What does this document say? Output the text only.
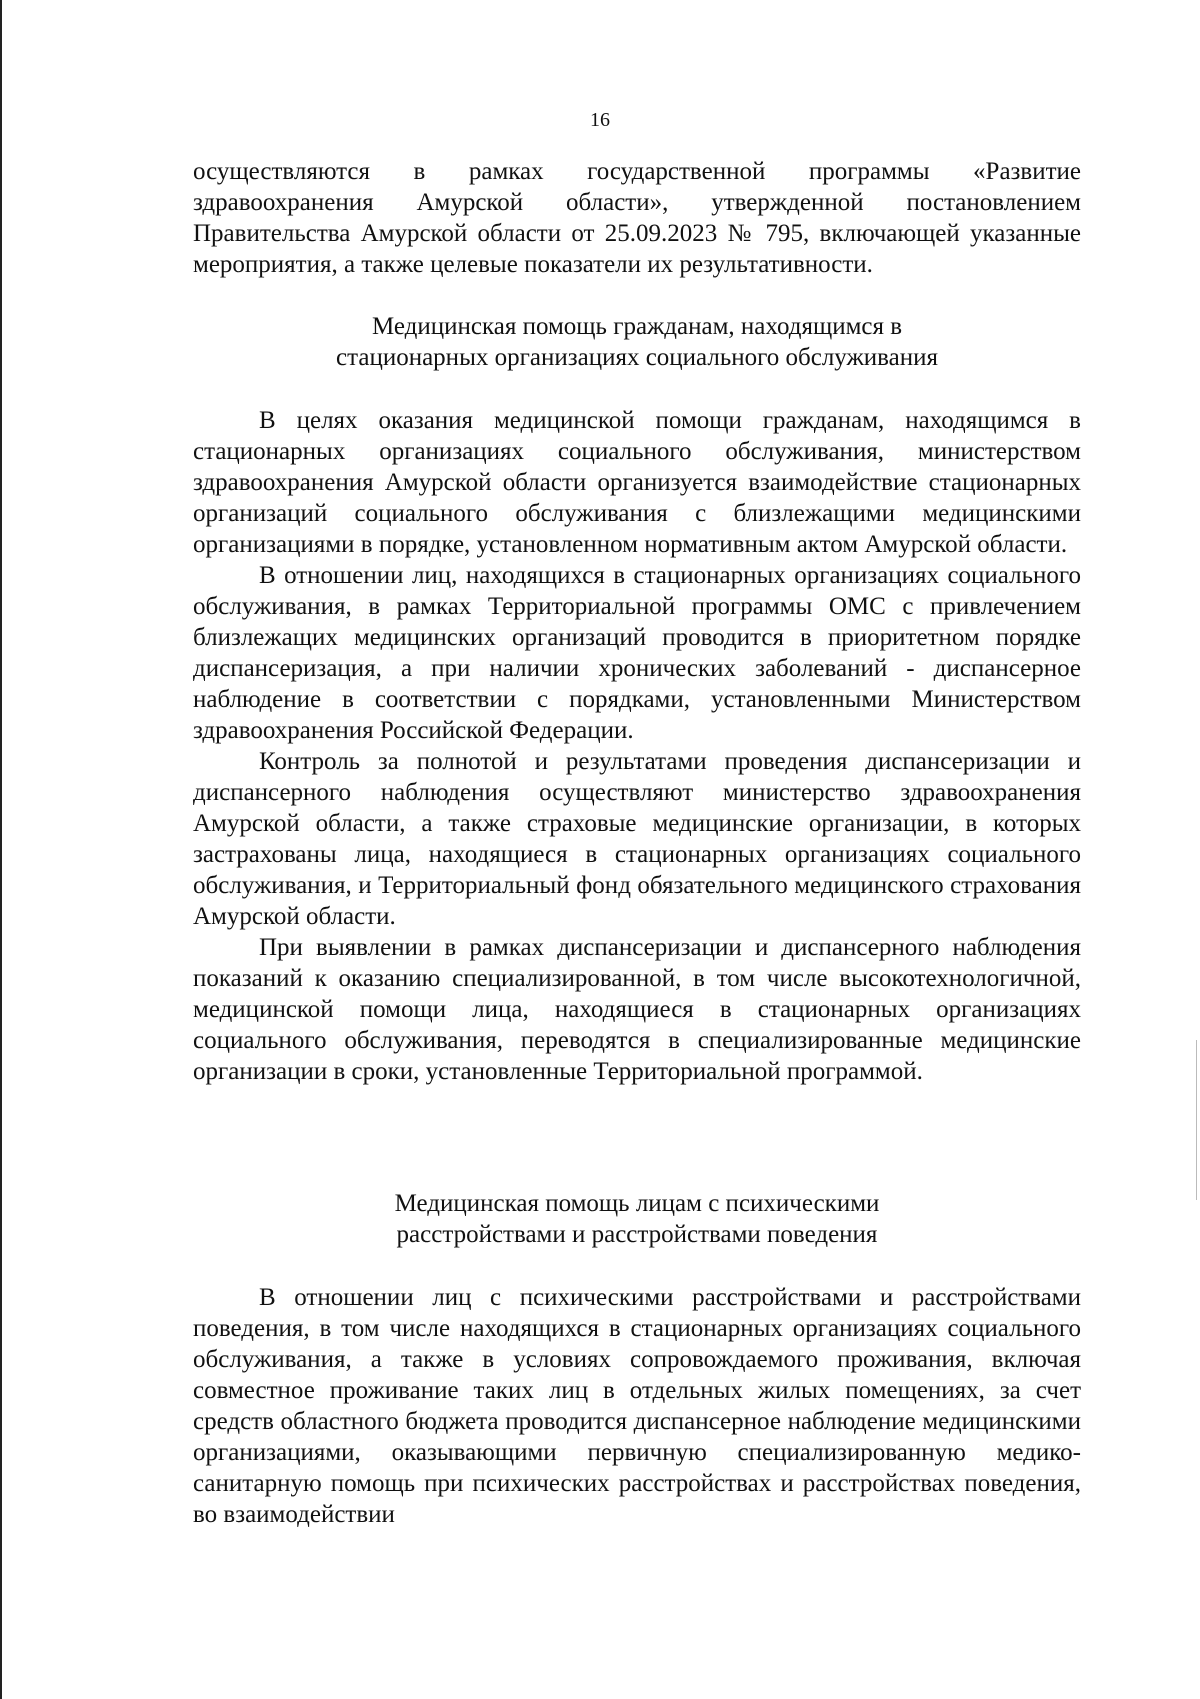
16

осуществляются в рамках государственной программы «Развитие здравоохранения Амурской области», утвержденной постановлением Правительства Амурской области от 25.09.2023 № 795, включающей указанные мероприятия, а также целевые показатели их результативности.

Медицинская помощь гражданам, находящимся в
стационарных организациях социального обслуживания

В целях оказания медицинской помощи гражданам, находящимся в стационарных организациях социального обслуживания, министерством здравоохранения Амурской области организуется взаимодействие стационарных организаций социального обслуживания с близлежащими медицинскими организациями в порядке, установленном нормативным актом Амурской области.

В отношении лиц, находящихся в стационарных организациях социального обслуживания, в рамках Территориальной программы ОМС с привлечением близлежащих медицинских организаций проводится в приоритетном порядке диспансеризация, а при наличии хронических заболеваний - диспансерное наблюдение в соответствии с порядками, установленными Министерством здравоохранения Российской Федерации.

Контроль за полнотой и результатами проведения диспансеризации и диспансерного наблюдения осуществляют министерство здравоохранения Амурской области, а также страховые медицинские организации, в которых застрахованы лица, находящиеся в стационарных организациях социального обслуживания, и Территориальный фонд обязательного медицинского страхования Амурской области.

При выявлении в рамках диспансеризации и диспансерного наблюдения показаний к оказанию специализированной, в том числе высокотехнологичной, медицинской помощи лица, находящиеся в стационарных организациях социального обслуживания, переводятся в специализированные медицинские организации в сроки, установленные Территориальной программой.

Медицинская помощь лицам с психическими
расстройствами и расстройствами поведения

В отношении лиц с психическими расстройствами и расстройствами поведения, в том числе находящихся в стационарных организациях социального обслуживания, а также в условиях сопровождаемого проживания, включая совместное проживание таких лиц в отдельных жилых помещениях, за счет средств областного бюджета проводится диспансерное наблюдение медицинскими организациями, оказывающими первичную специализированную медико-санитарную помощь при психических расстройствах и расстройствах поведения, во взаимодействии
